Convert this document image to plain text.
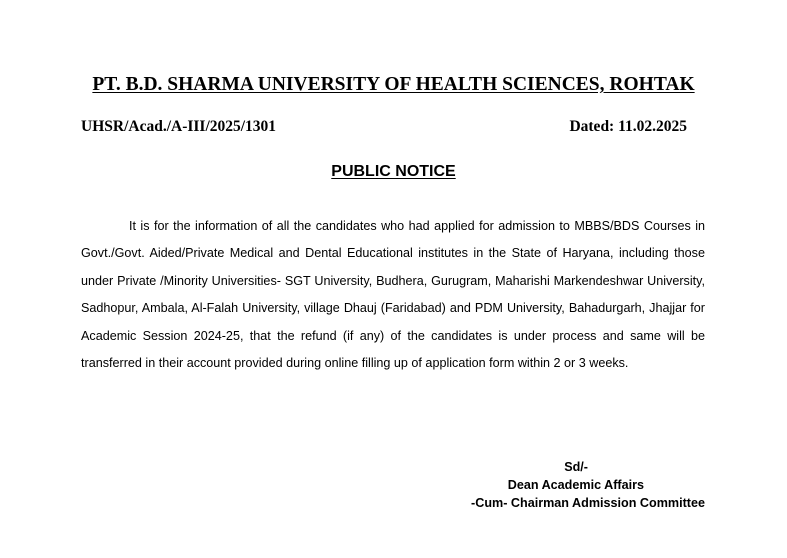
PT. B.D. SHARMA UNIVERSITY OF HEALTH SCIENCES, ROHTAK
UHSR/Acad./A-III/2025/1301	Dated: 11.02.2025
PUBLIC NOTICE

It is for the information of all the candidates who had applied for admission to MBBS/BDS Courses in Govt./Govt. Aided/Private Medical and Dental Educational institutes in the State of Haryana, including those under Private /Minority Universities- SGT University, Budhera, Gurugram, Maharishi Markendeshwar University, Sadhopur, Ambala, Al-Falah University, village Dhauj (Faridabad) and PDM University, Bahadurgarh, Jhajjar for Academic Session 2024-25, that the refund (if any) of the candidates is under process and same will be transferred in their account provided during online filling up of application form within 2 or 3 weeks.

Sd/-
Dean Academic Affairs
-Cum- Chairman Admission Committee
